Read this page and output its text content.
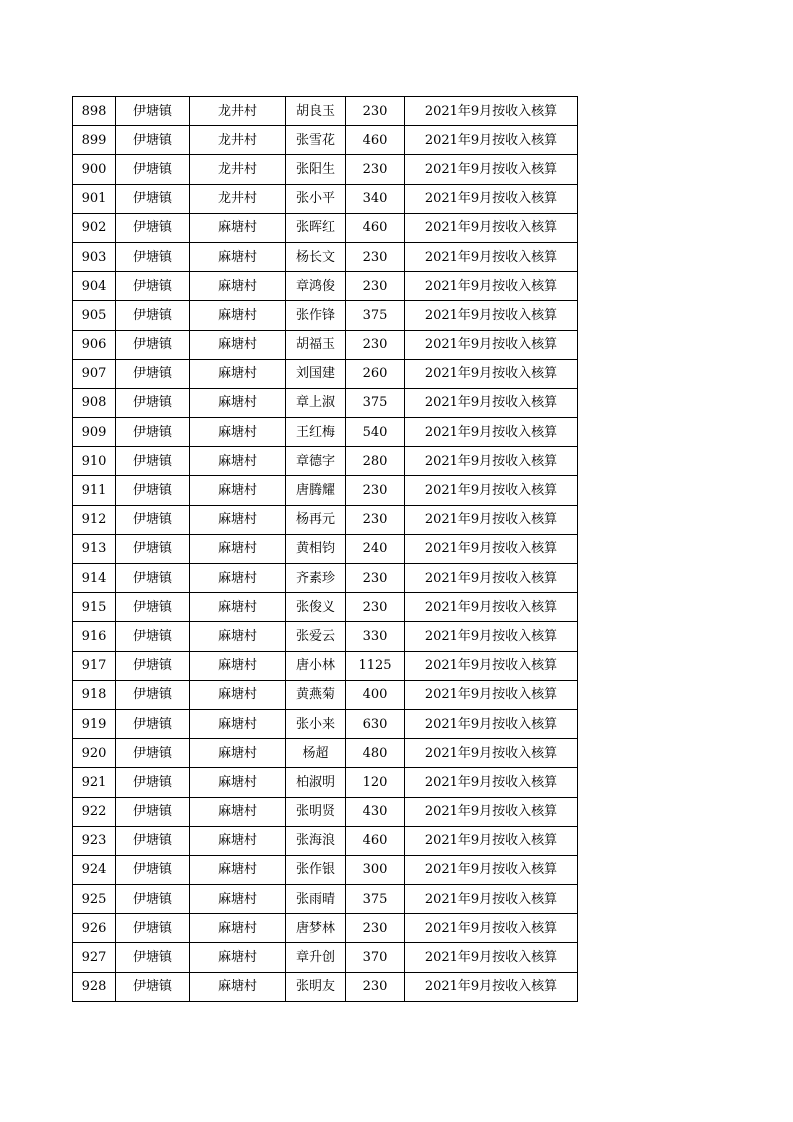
898	伊塘镇	龙井村	胡良玉	230	2021年9月按收入核算
899	伊塘镇	龙井村	张雪花	460	2021年9月按收入核算
900	伊塘镇	龙井村	张阳生	230	2021年9月按收入核算
901	伊塘镇	龙井村	张小平	340	2021年9月按收入核算
902	伊塘镇	麻塘村	张晖红	460	2021年9月按收入核算
903	伊塘镇	麻塘村	杨长文	230	2021年9月按收入核算
904	伊塘镇	麻塘村	章鸿俊	230	2021年9月按收入核算
905	伊塘镇	麻塘村	张作锋	375	2021年9月按收入核算
906	伊塘镇	麻塘村	胡福玉	230	2021年9月按收入核算
907	伊塘镇	麻塘村	刘国建	260	2021年9月按收入核算
908	伊塘镇	麻塘村	章上淑	375	2021年9月按收入核算
909	伊塘镇	麻塘村	王红梅	540	2021年9月按收入核算
910	伊塘镇	麻塘村	章德字	280	2021年9月按收入核算
911	伊塘镇	麻塘村	唐腾耀	230	2021年9月按收入核算
912	伊塘镇	麻塘村	杨再元	230	2021年9月按收入核算
913	伊塘镇	麻塘村	黄相钧	240	2021年9月按收入核算
914	伊塘镇	麻塘村	齐素珍	230	2021年9月按收入核算
915	伊塘镇	麻塘村	张俊义	230	2021年9月按收入核算
916	伊塘镇	麻塘村	张爱云	330	2021年9月按收入核算
917	伊塘镇	麻塘村	唐小林	1125	2021年9月按收入核算
918	伊塘镇	麻塘村	黄燕菊	400	2021年9月按收入核算
919	伊塘镇	麻塘村	张小来	630	2021年9月按收入核算
920	伊塘镇	麻塘村	杨超	480	2021年9月按收入核算
921	伊塘镇	麻塘村	柏淑明	120	2021年9月按收入核算
922	伊塘镇	麻塘村	张明贤	430	2021年9月按收入核算
923	伊塘镇	麻塘村	张海浪	460	2021年9月按收入核算
924	伊塘镇	麻塘村	张作银	300	2021年9月按收入核算
925	伊塘镇	麻塘村	张雨晴	375	2021年9月按收入核算
926	伊塘镇	麻塘村	唐梦林	230	2021年9月按收入核算
927	伊塘镇	麻塘村	章升创	370	2021年9月按收入核算
928	伊塘镇	麻塘村	张明友	230	2021年9月按收入核算
